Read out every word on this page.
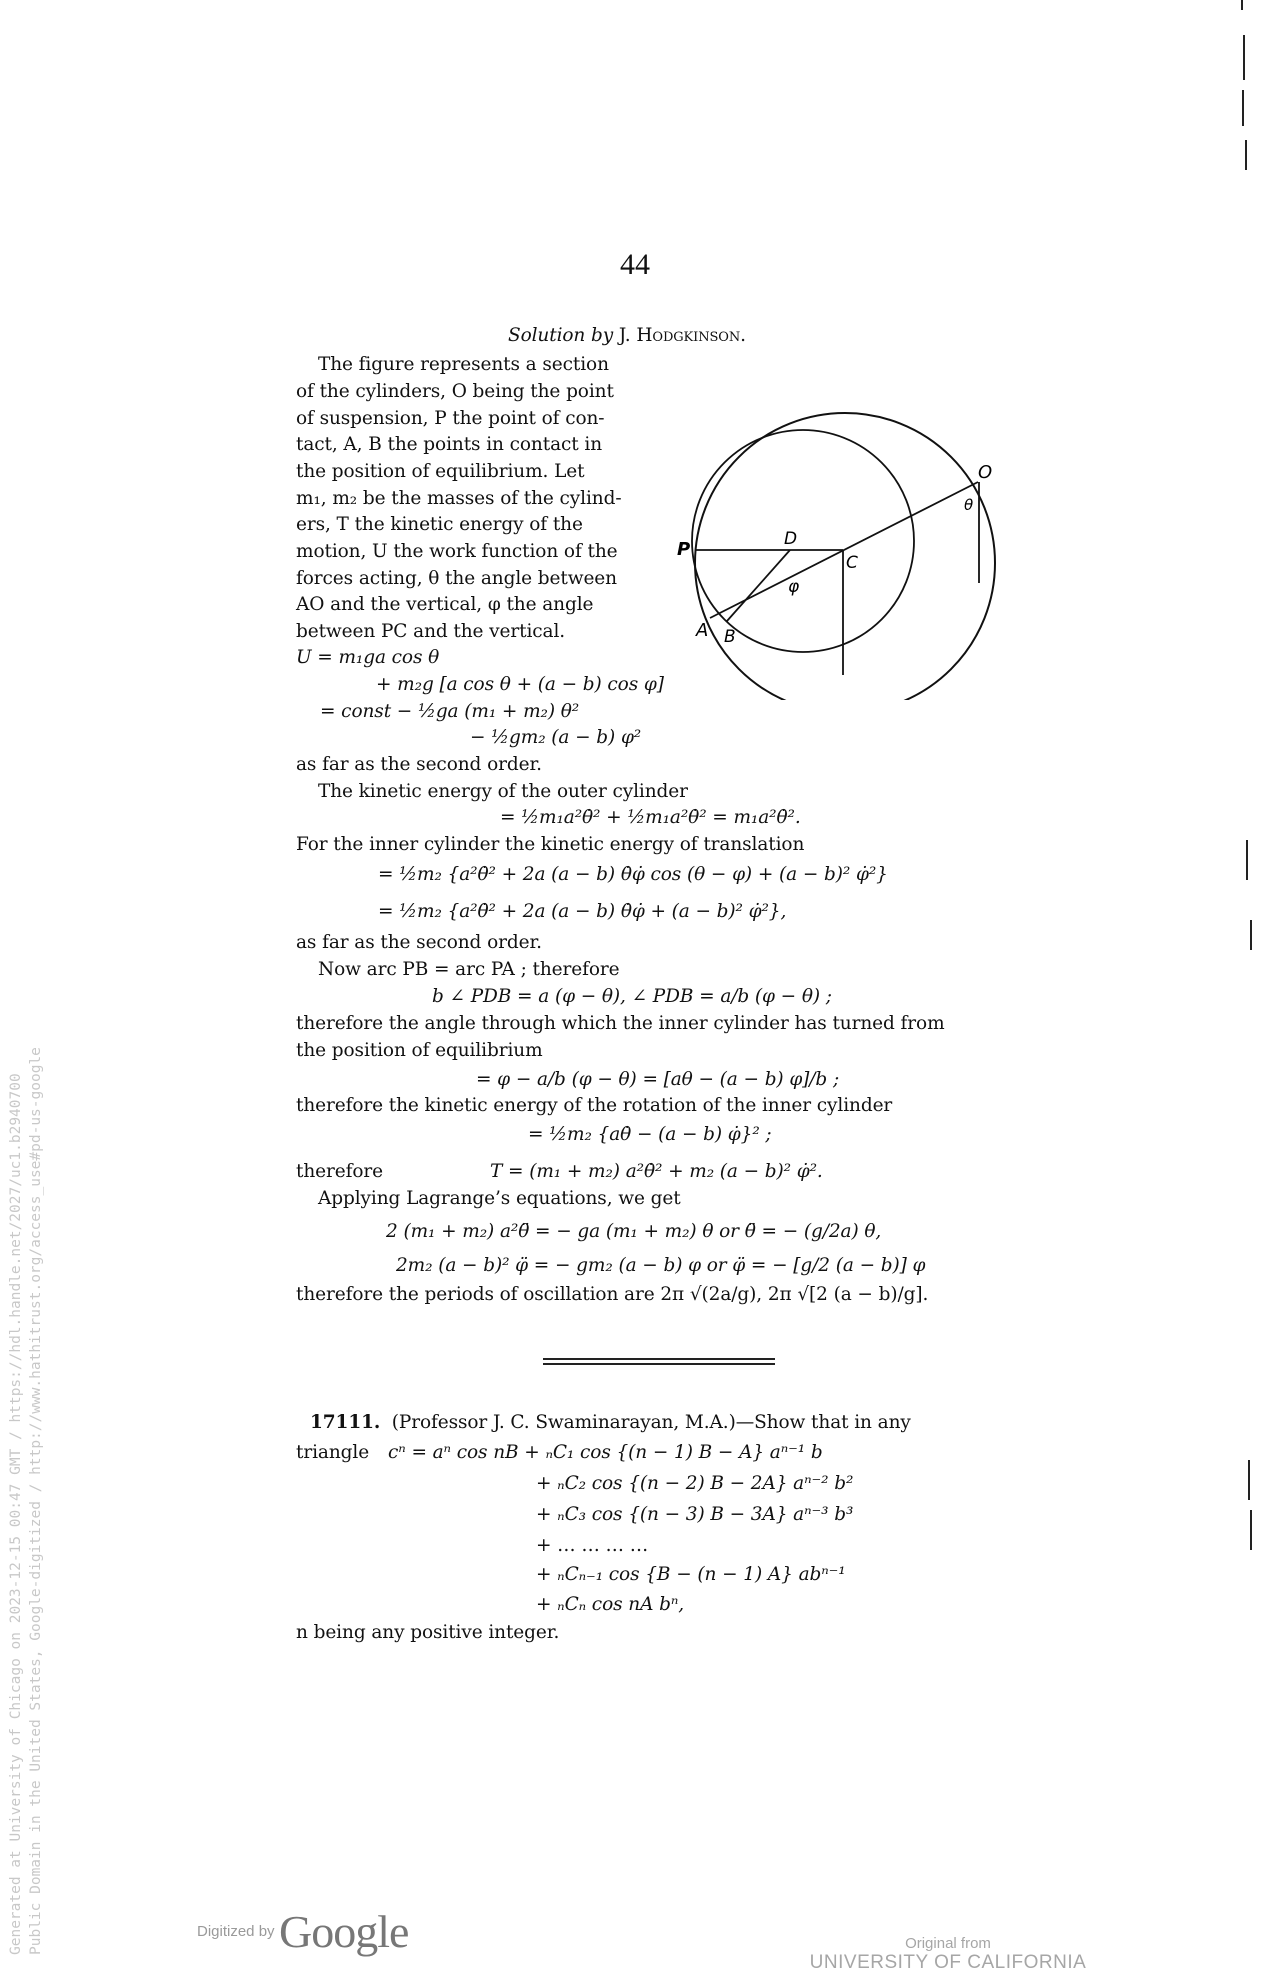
44
Solution by J. Hodgkinson.
The figure represents a section
of the cylinders, O being the point
of suspension, P the point of con-
tact, A, B the points in contact in
the position of equilibrium. Let
m₁, m₂ be the masses of the cylind-
ers, T the kinetic energy of the
motion, U the work function of the
forces acting, θ the angle between
AO and the vertical, φ the angle
between PC and the vertical.
O
θ
P	D
C
φ
A B
U = m₁ga cos θ
+ m₂g [a cos θ + (a − b) cos φ]
= const − ½ga (m₁ + m₂) θ²
− ½gm₂ (a − b) φ²
as far as the second order.
The kinetic energy of the outer cylinder
= ½m₁a²θ̇² + ½m₁a²θ̇² = m₁a²θ̇².
For the inner cylinder the kinetic energy of translation
= ½m₂ {a²θ̇² + 2a (a − b) θ̇φ̇ cos (θ − φ) + (a − b)² φ̇²}
= ½m₂ {a²θ̇² + 2a (a − b) θ̇φ̇ + (a − b)² φ̇²},
as far as the second order.
Now arc PB = arc PA ; therefore
b ∠ PDB = a (φ − θ), ∠ PDB = a/b (φ − θ) ;
therefore the angle through which the inner cylinder has turned from
the position of equilibrium
= φ − a/b (φ − θ) = [aθ − (a − b) φ]/b ;
therefore the kinetic energy of the rotation of the inner cylinder
= ½m₂ {aθ̇ − (a − b) φ̇}² ;
therefore	T = (m₁ + m₂) a²θ̇² + m₂ (a − b)² φ̇².
Applying Lagrange’s equations, we get
2 (m₁ + m₂) a²θ̈ = − ga (m₁ + m₂) θ or θ̈ = − (g/2a) θ,
2m₂ (a − b)² φ̈ = − gm₂ (a − b) φ or φ̈ = − [g/2 (a − b)] φ
therefore the periods of oscillation are 2π √(2a/g), 2π √[2 (a − b)/g].
17111. (Professor J. C. Swaminarayan, M.A.)—Show that in any
triangle cⁿ = aⁿ cos nB + ₙC₁ cos {(n − 1) B − A} aⁿ⁻¹ b
+ ₙC₂ cos {(n − 2) B − 2A} aⁿ⁻² b²
+ ₙC₃ cos {(n − 3) B − 3A} aⁿ⁻³ b³
+ … … … …
+ ₙCₙ₋₁ cos {B − (n − 1) A} abⁿ⁻¹
+ ₙCₙ cos nA bⁿ,
n being any positive integer.
Generated at University of Chicago on 2023-12-15 00:47 GMT / https://hdl.handle.net/2027/uc1.b2940700 Public Domain in the United States, Google-digitized / http://www.hathitrust.org/access_use#pd-us-google	Digitized by Google	Original from
UNIVERSITY OF CALIFORNIA
